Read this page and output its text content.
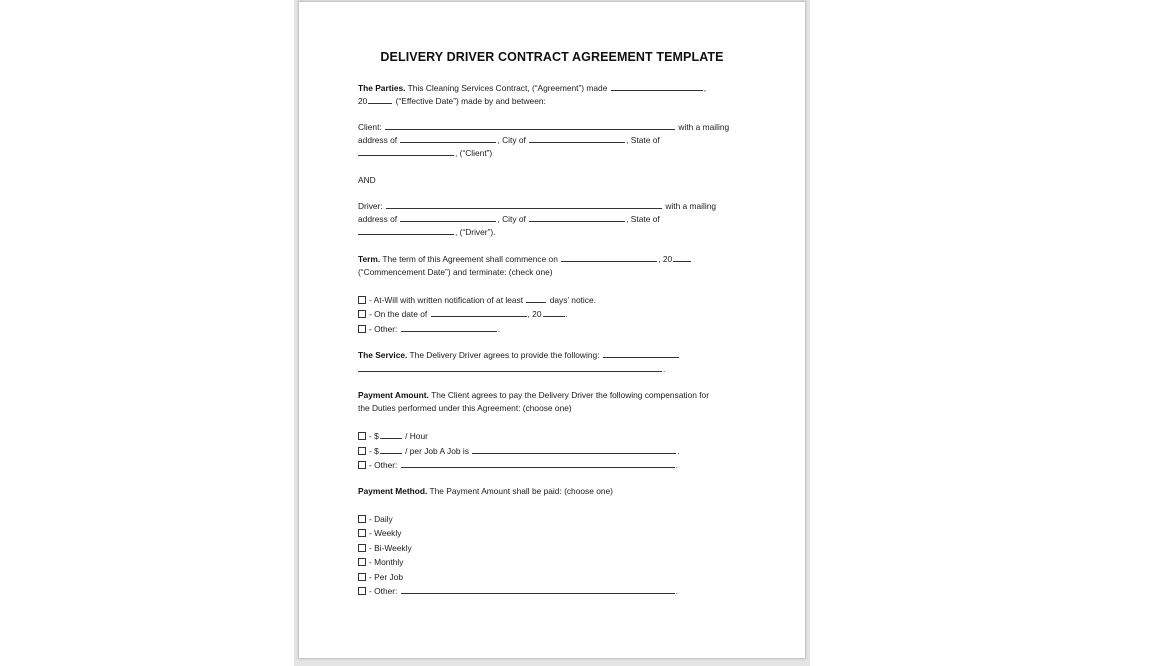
DELIVERY DRIVER CONTRACT AGREEMENT TEMPLATE
The Parties. This Cleaning Services Contract, (“Agreement”) made	,
20	(“Effective Date”) made by and between:
Client:	with a mailing
address of	, City of	, State of
, (“Client”)
AND
Driver:	with a mailing
address of	, City of	, State of
, (“Driver”).
Term. The term of this Agreement shall commence on	, 20
(“Commencement Date”) and terminate: (check one)
- At-Will with written notification of at least	days’ notice.
- On the date of	, 20	.
- Other:	.
The Service. The Delivery Driver agrees to provide the following:
.
Payment Amount. The Client agrees to pay the Delivery Driver the following compensation for
the Duties performed under this Agreement: (choose one)
- $	/ Hour
- $	/ per Job A Job is	.
- Other:	.
Payment Method. The Payment Amount shall be paid: (choose one)
- Daily
- Weekly
- Bi-Weekly
- Monthly
- Per Job
- Other:	.
